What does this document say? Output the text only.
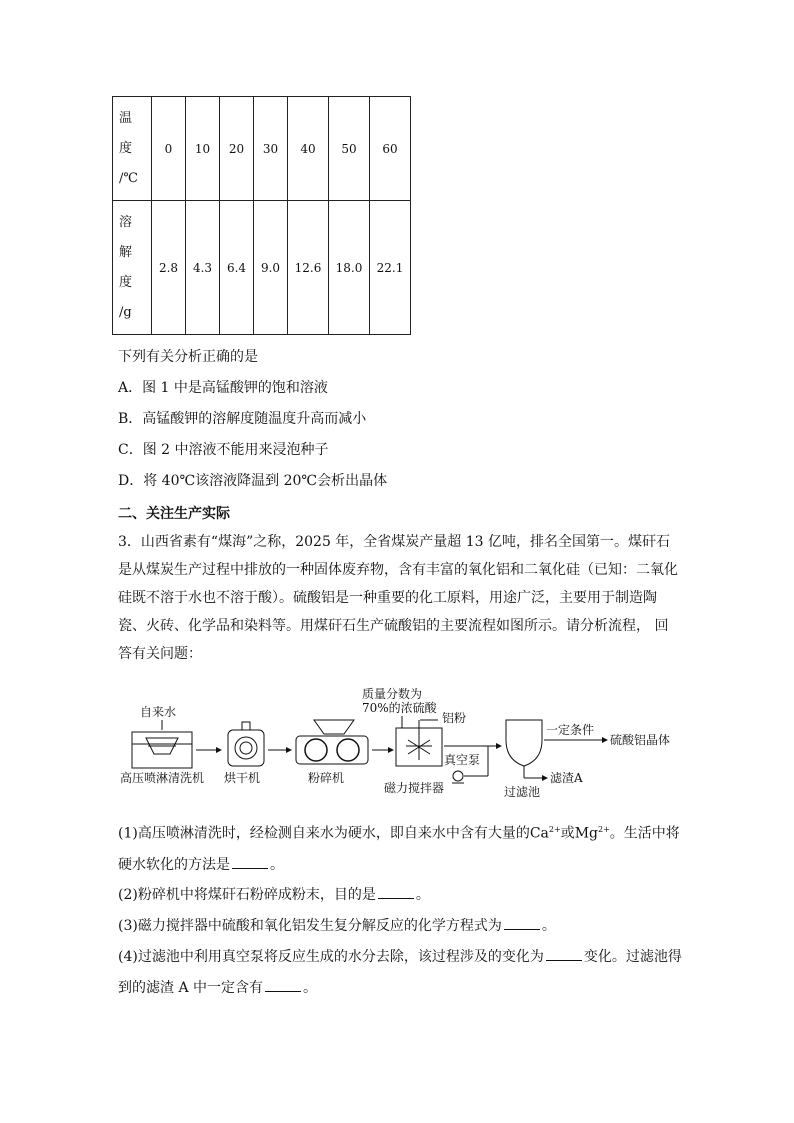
温
度
/℃	0	10	20	30	40	50	60

溶
解
度
/g	2.8	4.3	6.4	9.0	12.6	18.0	22.1
下列有关分析正确的是
A．图 1 中是高锰酸钾的饱和溶液
B．高锰酸钾的溶解度随温度升高而减小
C．图 2 中溶液不能用来浸泡种子
D．将 40℃该溶液降温到 20℃会析出晶体
二、关注生产实际
3．山西省素有“煤海”之称，2025 年，全省煤炭产量超 13 亿吨，排名全国第一。煤矸石是从煤炭生产过程中排放的一种固体废弃物，含有丰富的氧化铝和二氧化硅（已知：二氧化硅既不溶于水也不溶于酸）。硫酸铝是一种重要的化工原料，用途广泛，主要用于制造陶瓷、火砖、化学品和染料等。用煤矸石生产硫酸铝的主要流程如图所示。请分析流程， 回答有关问题：
自来水
高压喷淋清洗机 烘干机	粉碎机
质量分数为
70%的浓硫酸
铝粉
磁力搅拌器
真空泵
滤渣A
过滤池
一定条件
硫酸铝晶体
(1)高压喷淋清洗时，经检测自来水为硬水，即自来水中含有大量的$Ca^{2+}$或$Mg^{2+}$。生活中将
硬水软化的方法是	。
(2)粉碎机中将煤矸石粉碎成粉末，目的是	。
(3)磁力搅拌器中硫酸和氧化铝发生复分解反应的化学方程式为	。
(4)过滤池中利用真空泵将反应生成的水分去除，该过程涉及的变化为	变化。过滤池得
到的滤渣 A 中一定含有	。
